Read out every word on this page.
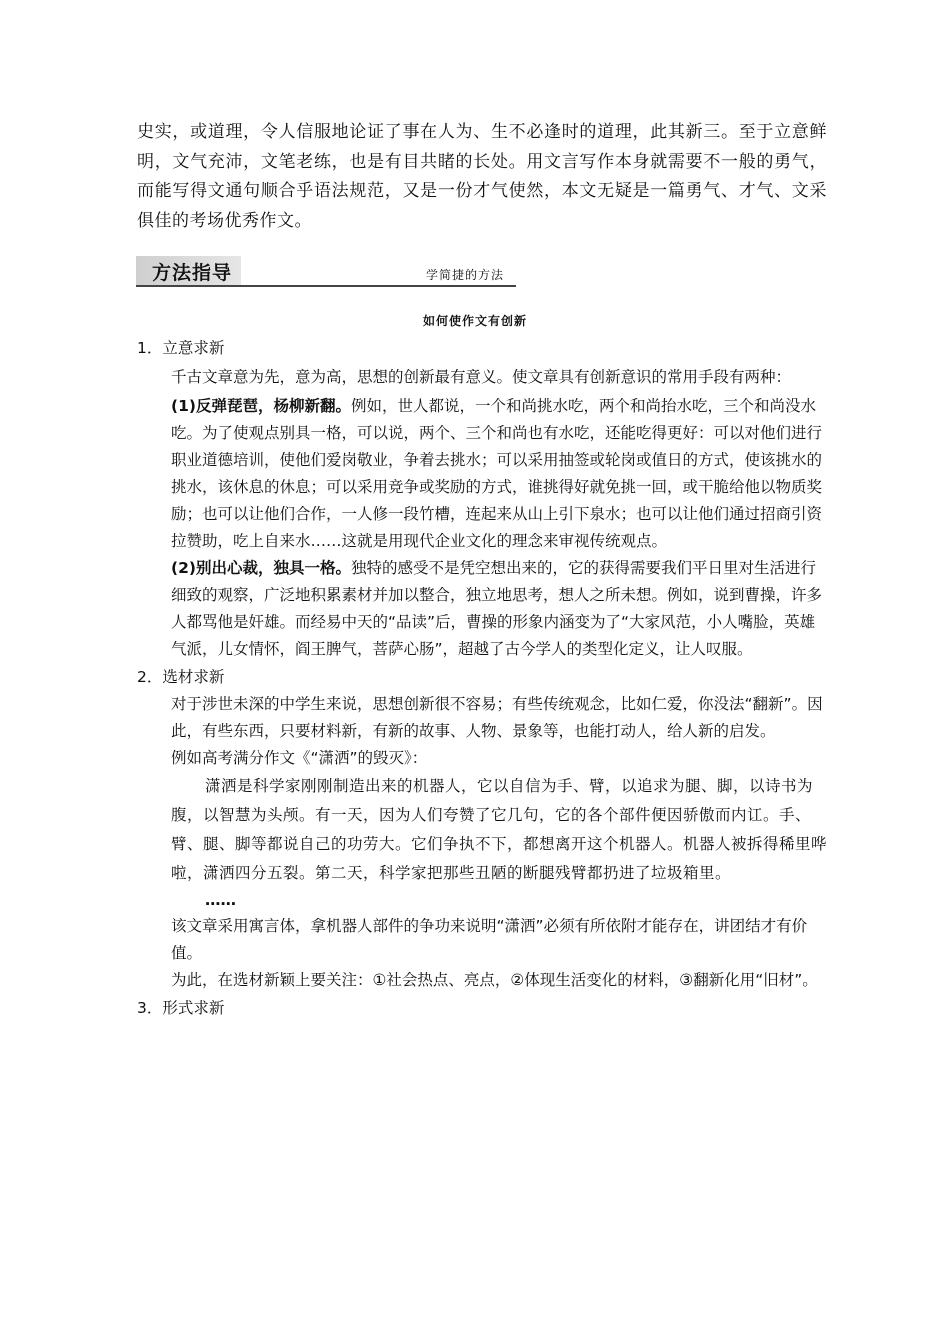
史实，或道理，令人信服地论证了事在人为、生不必逢时的道理，此其新三。至于立意鲜明，文气充沛，文笔老练，也是有目共睹的长处。用文言写作本身就需要不一般的勇气，而能写得文通句顺合乎语法规范，又是一份才气使然，本文无疑是一篇勇气、才气、文采俱佳的考场优秀作文。
方法指导	学简捷的方法
如何使作文有创新
1．立意求新

千古文章意为先，意为高，思想的创新最有意义。使文章具有创新意识的常用手段有两种：

(1)反弹琵琶，杨柳新翻。例如，世人都说，一个和尚挑水吃，两个和尚抬水吃，三个和尚没水吃。为了使观点别具一格，可以说，两个、三个和尚也有水吃，还能吃得更好：可以对他们进行职业道德培训，使他们爱岗敬业，争着去挑水；可以采用抽签或轮岗或值日的方式，使该挑水的挑水，该休息的休息；可以采用竞争或奖励的方式，谁挑得好就免挑一回，或干脆给他以物质奖励；也可以让他们合作，一人修一段竹槽，连起来从山上引下泉水；也可以让他们通过招商引资拉赞助，吃上自来水……这就是用现代企业文化的理念来审视传统观点。

(2)别出心裁，独具一格。独特的感受不是凭空想出来的，它的获得需要我们平日里对生活进行细致的观察，广泛地积累素材并加以整合，独立地思考，想人之所未想。例如，说到曹操，许多人都骂他是奸雄。而经易中天的“品读”后，曹操的形象内涵变为了“大家风范，小人嘴脸，英雄气派，儿女情怀，阎王脾气，菩萨心肠”，超越了古今学人的类型化定义，让人叹服。

2．选材求新

对于涉世未深的中学生来说，思想创新很不容易；有些传统观念，比如仁爱，你没法“翻新”。因此，有些东西，只要材料新，有新的故事、人物、景象等，也能打动人，给人新的启发。

例如高考满分作文《“潇洒”的毁灭》：

潇洒是科学家刚刚制造出来的机器人，它以自信为手、臂，以追求为腿、脚，以诗书为腹，以智慧为头颅。有一天，因为人们夸赞了它几句，它的各个部件便因骄傲而内讧。手、臂、腿、脚等都说自己的功劳大。它们争执不下，都想离开这个机器人。机器人被拆得稀里哗啦，潇洒四分五裂。第二天，科学家把那些丑陋的断腿残臂都扔进了垃圾箱里。

……

该文章采用寓言体，拿机器人部件的争功来说明“潇洒”必须有所依附才能存在，讲团结才有价值。

为此，在选材新颖上要关注：①社会热点、亮点，②体现生活变化的材料，③翻新化用“旧材”。

3．形式求新
